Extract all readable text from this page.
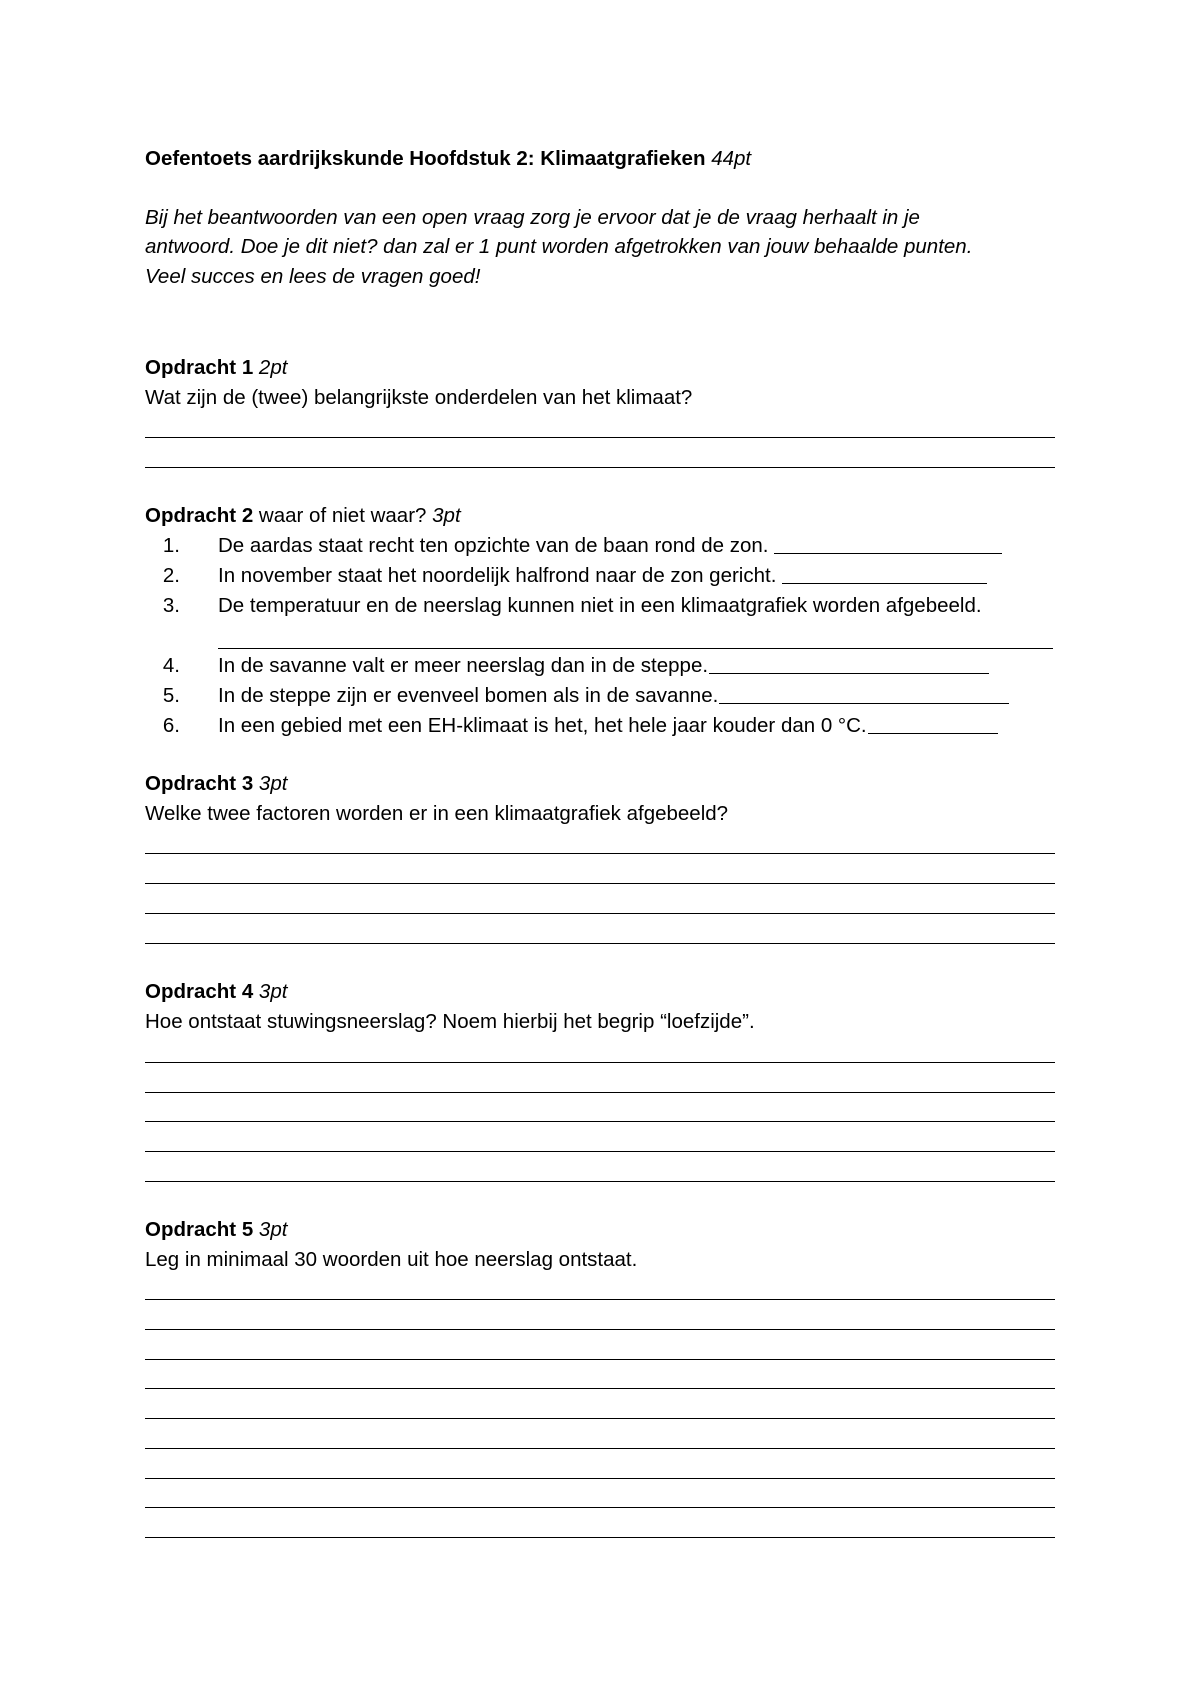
Oefentoets aardrijkskunde Hoofdstuk 2: Klimaatgrafieken 44pt
Bij het beantwoorden van een open vraag zorg je ervoor dat je de vraag herhaalt in je
antwoord. Doe je dit niet? dan zal er 1 punt worden afgetrokken van jouw behaalde punten.
Veel succes en lees de vragen goed!
Opdracht 1 2pt
Wat zijn de (twee) belangrijkste onderdelen van het klimaat?
Opdracht 2 waar of niet waar? 3pt
1. De aardas staat recht ten opzichte van de baan rond de zon.
2. In november staat het noordelijk halfrond naar de zon gericht.
3. De temperatuur en de neerslag kunnen niet in een klimaatgrafiek worden afgebeeld.
4. In de savanne valt er meer neerslag dan in de steppe.
5. In de steppe zijn er evenveel bomen als in de savanne.
6. In een gebied met een EH-klimaat is het, het hele jaar kouder dan 0 °C.
Opdracht 3 3pt
Welke twee factoren worden er in een klimaatgrafiek afgebeeld?
Opdracht 4 3pt
Hoe ontstaat stuwingsneerslag? Noem hierbij het begrip “loefzijde”.
Opdracht 5 3pt
Leg in minimaal 30 woorden uit hoe neerslag ontstaat.
